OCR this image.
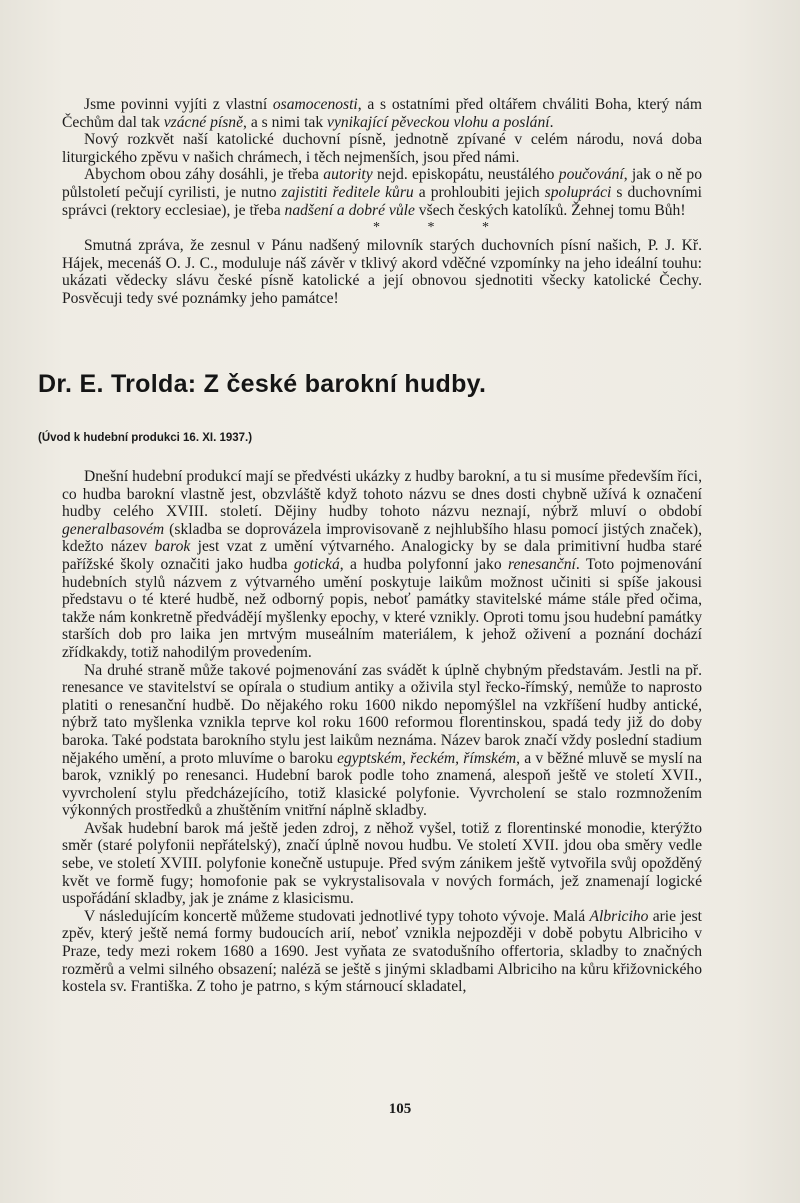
Jsme povinni vyjíti z vlastní osamocenosti, a s ostatními před oltářem chváliti Boha, který nám Čechům dal tak vzácné písně, a s nimi tak vynikající pěveckou vlohu a poslání.

Nový rozkvět naší katolické duchovní písně, jednotně zpívané v celém národu, nová doba liturgického zpěvu v našich chrámech, i těch nejmenších, jsou před námi.

Abychom obou záhy dosáhli, je třeba autority nejd. episkopátu, neustálého poučování, jak o ně po půlstoletí pečují cyrilisti, je nutno zajistiti ředitele kůru a prohloubiti jejich spolupráci s duchovními správci (rektory ecclesiae), je třeba nadšení a dobré vůle všech českých katolíků. Žehnej tomu Bůh!

* * *

Smutná zpráva, že zesnul v Pánu nadšený milovník starých duchovních písní našich, P. J. Kř. Hájek, mecenáš O. J. C., moduluje náš závěr v tklivý akord vděčné vzpomínky na jeho ideální touhu: ukázati vědecky slávu české písně katolické a její obnovou sjednotiti všecky katolické Čechy. Posvěcuji tedy své poznámky jeho památce!

Dr. E. Trolda: Z české barokní hudby.

(Úvod k hudební produkci 16. XI. 1937.)

Dnešní hudební produkcí mají se předvésti ukázky z hudby barokní, a tu si musíme především říci, co hudba barokní vlastně jest, obzvláště když tohoto názvu se dnes dosti chybně užívá k označení hudby celého XVIII. století. Dějiny hudby tohoto názvu neznají, nýbrž mluví o období generalbasovém (skladba se doprovázela improvisovaně z nejhlubšího hlasu pomocí jistých značek), kdežto název barok jest vzat z umění výtvarného. Analogicky by se dala primitivní hudba staré pařížské školy označiti jako hudba gotická, a hudba polyfonní jako renesanční. Toto pojmenování hudebních stylů názvem z výtvarného umění poskytuje laikům možnost učiniti si spíše jakousi představu o té které hudbě, než odborný popis, neboť památky stavitelské máme stále před očima, takže nám konkretně předvádějí myšlenky epochy, v které vznikly. Oproti tomu jsou hudební památky starších dob pro laika jen mrtvým museálním materiálem, k jehož oživení a poznání dochází zřídkakdy, totiž nahodilým provedením.

Na druhé straně může takové pojmenování zas svádět k úplně chybným představám. Jestli na př. renesance ve stavitelství se opírala o studium antiky a oživila styl řecko-římský, nemůže to naprosto platiti o renesanční hudbě. Do nějakého roku 1600 nikdo nepomýšlel na vzkříšení hudby antické, nýbrž tato myšlenka vznikla teprve kol roku 1600 reformou florentinskou, spadá tedy již do doby baroka. Také podstata barokního stylu jest laikům neznáma. Název barok značí vždy poslední stadium nějakého umění, a proto mluvíme o baroku egyptském, řeckém, římském, a v běžné mluvě se myslí na barok, vzniklý po renesanci. Hudební barok podle toho znamená, alespoň ještě ve století XVII., vyvrcholení stylu předcházejícího, totiž klasické polyfonie. Vyvrcholení se stalo rozmnožením výkonných prostředků a zhuštěním vnitřní náplně skladby.

Avšak hudební barok má ještě jeden zdroj, z něhož vyšel, totiž z florentinské monodie, kterýžto směr (staré polyfonii nepřátelský), značí úplně novou hudbu. Ve století XVII. jdou oba směry vedle sebe, ve století XVIII. polyfonie konečně ustupuje. Před svým zánikem ještě vytvořila svůj opožděný květ ve formě fugy; homofonie pak se vykrystalisovala v nových formách, jež znamenají logické uspořádání skladby, jak je známe z klasicismu.

V následujícím koncertě můžeme studovati jednotlivé typy tohoto vývoje. Malá Albriciho arie jest zpěv, který ještě nemá formy budoucích arií, neboť vznikla nejpozději v době pobytu Albriciho v Praze, tedy mezi rokem 1680 a 1690. Jest vyňata ze svatodušního offertoria, skladby to značných rozměrů a velmi silného obsazení; naléză se ještě s jinými skladbami Albriciho na kůru křižovnického kostela sv. Františka. Z toho je patrno, s kým stárnoucí skladatel,

105
